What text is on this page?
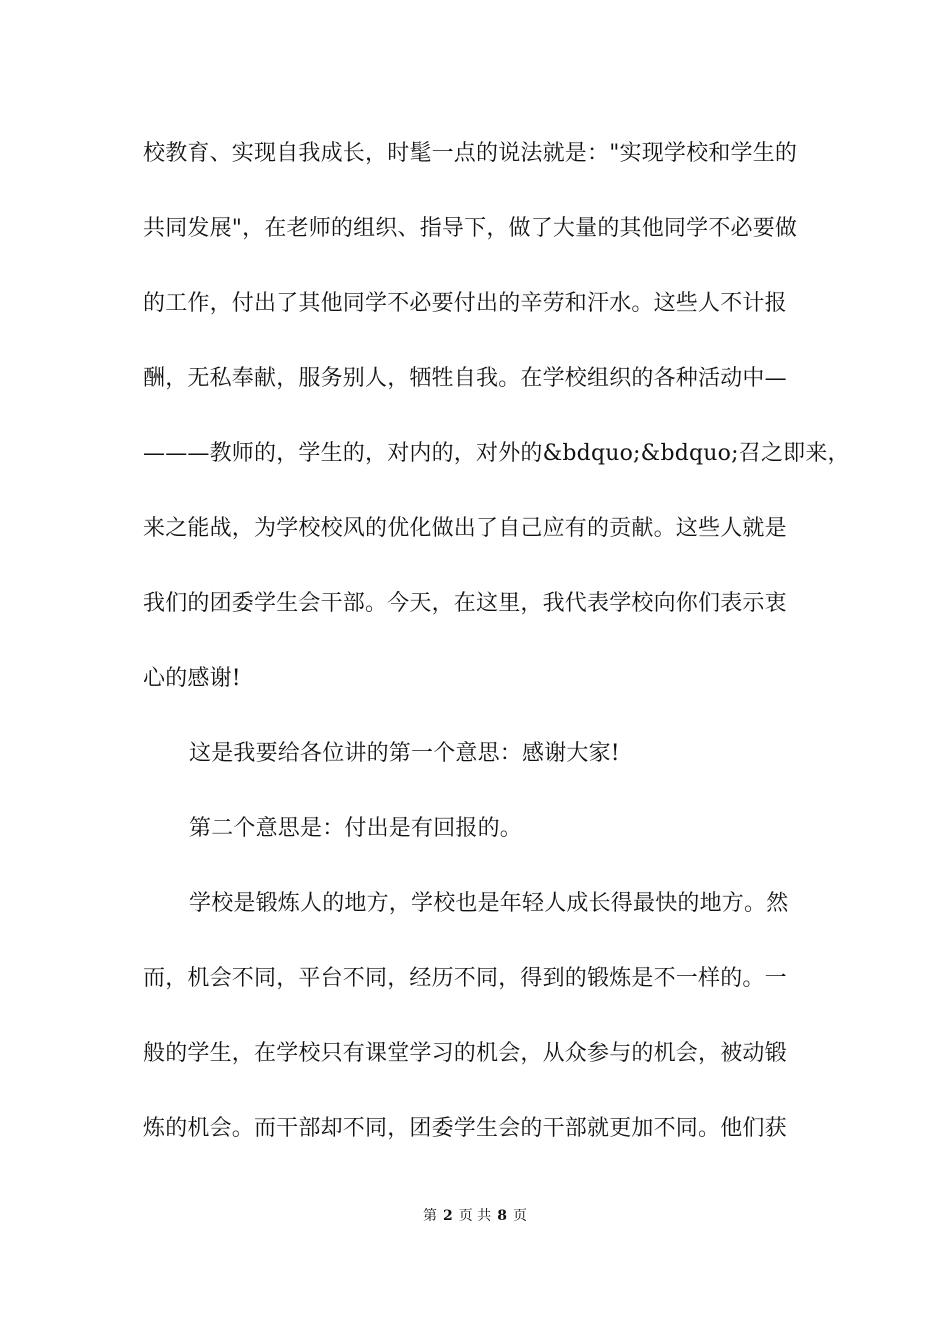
校教育、实现自我成长，时髦一点的说法就是："实现学校和学生的
共同发展"，在老师的组织、指导下，做了大量的其他同学不必要做
的工作，付出了其他同学不必要付出的辛劳和汗水。这些人不计报
酬，无私奉献，服务别人，牺牲自我。在学校组织的各种活动中—
———教师的，学生的，对内的，对外的&bdquo;&bdquo;召之即来，
来之能战，为学校校风的优化做出了自己应有的贡献。这些人就是
我们的团委学生会干部。今天，在这里，我代表学校向你们表示衷
心的感谢!
这是我要给各位讲的第一个意思：感谢大家!
第二个意思是：付出是有回报的。
学校是锻炼人的地方，学校也是年轻人成长得最快的地方。然
而，机会不同，平台不同，经历不同，得到的锻炼是不一样的。一
般的学生，在学校只有课堂学习的机会，从众参与的机会，被动锻
炼的机会。而干部却不同，团委学生会的干部就更加不同。他们获
第 2 页 共 8 页
